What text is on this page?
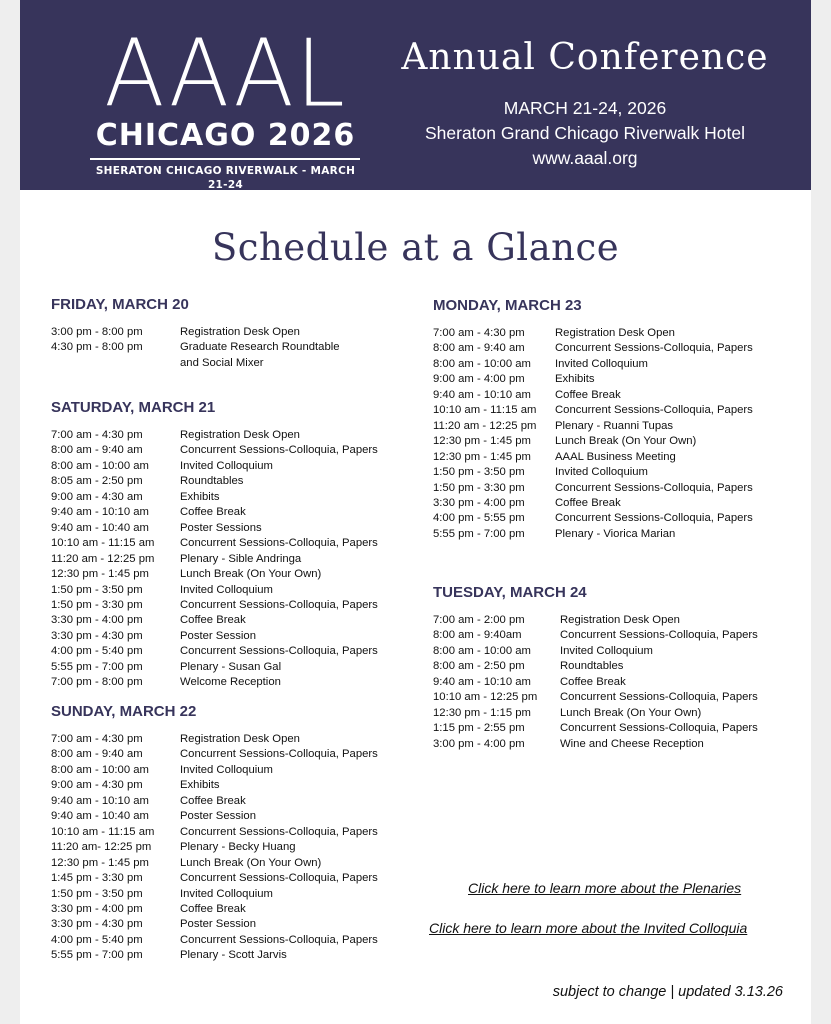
AAAL
CHICAGO 2026
SHERATON CHICAGO RIVERWALK - MARCH 21-24
Annual Conference
MARCH 21-24, 2026
Sheraton Grand Chicago Riverwalk Hotel
www.aaal.org
Schedule at a Glance
FRIDAY, MARCH 20
3:00 pm - 8:00 pm	Registration Desk Open
4:30 pm - 8:00 pm	Graduate Research Roundtable
and Social Mixer
SATURDAY, MARCH 21
7:00 am - 4:30 pm	Registration Desk Open
8:00 am - 9:40 am	Concurrent Sessions-Colloquia, Papers
8:00 am - 10:00 am	Invited Colloquium
8:05 am - 2:50 pm	Roundtables
9:00 am - 4:30 am	Exhibits
9:40 am - 10:10 am	Coffee Break
9:40 am - 10:40 am	Poster Sessions
10:10 am - 11:15 am	Concurrent Sessions-Colloquia, Papers
11:20 am - 12:25 pm	Plenary - Sible Andringa
12:30 pm - 1:45 pm	Lunch Break (On Your Own)
1:50 pm - 3:50 pm	Invited Colloquium
1:50 pm - 3:30 pm	Concurrent Sessions-Colloquia, Papers
3:30 pm - 4:00 pm	Coffee Break
3:30 pm - 4:30 pm	Poster Session
4:00 pm - 5:40 pm	Concurrent Sessions-Colloquia, Papers
5:55 pm - 7:00 pm	Plenary - Susan Gal
7:00 pm - 8:00 pm	Welcome Reception
SUNDAY, MARCH 22
7:00 am - 4:30 pm	Registration Desk Open
8:00 am - 9:40 am	Concurrent Sessions-Colloquia, Papers
8:00 am - 10:00 am	Invited Colloquium
9:00 am - 4:30 pm	Exhibits
9:40 am - 10:10 am	Coffee Break
9:40 am - 10:40 am	Poster Session
10:10 am - 11:15 am	Concurrent Sessions-Colloquia, Papers
11:20 am- 12:25 pm	Plenary - Becky Huang
12:30 pm - 1:45 pm	Lunch Break (On Your Own)
1:45 pm - 3:30 pm	Concurrent Sessions-Colloquia, Papers
1:50 pm - 3:50 pm	Invited Colloquium
3:30 pm - 4:00 pm	Coffee Break
3:30 pm - 4:30 pm	Poster Session
4:00 pm - 5:40 pm	Concurrent Sessions-Colloquia, Papers
5:55 pm - 7:00 pm	Plenary - Scott Jarvis
MONDAY, MARCH 23
7:00 am - 4:30 pm	Registration Desk Open
8:00 am - 9:40 am	Concurrent Sessions-Colloquia, Papers
8:00 am - 10:00 am	Invited Colloquium
9:00 am - 4:00 pm	Exhibits
9:40 am - 10:10 am	Coffee Break
10:10 am - 11:15 am	Concurrent Sessions-Colloquia, Papers
11:20 am - 12:25 pm	Plenary - Ruanni Tupas
12:30 pm - 1:45 pm	Lunch Break (On Your Own)
12:30 pm - 1:45 pm	AAAL Business Meeting
1:50 pm - 3:50 pm	Invited Colloquium
1:50 pm - 3:30 pm	Concurrent Sessions-Colloquia, Papers
3:30 pm - 4:00 pm	Coffee Break
4:00 pm - 5:55 pm	Concurrent Sessions-Colloquia, Papers
5:55 pm - 7:00 pm	Plenary - Viorica Marian
TUESDAY, MARCH 24
7:00 am - 2:00 pm	Registration Desk Open
8:00 am - 9:40am	Concurrent Sessions-Colloquia, Papers
8:00 am - 10:00 am	Invited Colloquium
8:00 am - 2:50 pm	Roundtables
9:40 am - 10:10 am	Coffee Break
10:10 am - 12:25 pm	Concurrent Sessions-Colloquia, Papers
12:30 pm - 1:15 pm	Lunch Break (On Your Own)
1:15 pm - 2:55 pm	Concurrent Sessions-Colloquia, Papers
3:00 pm - 4:00 pm	Wine and Cheese Reception
Click here to learn more about the Plenaries
Click here to learn more about the Invited Colloquia
subject to change | updated 3.13.26
